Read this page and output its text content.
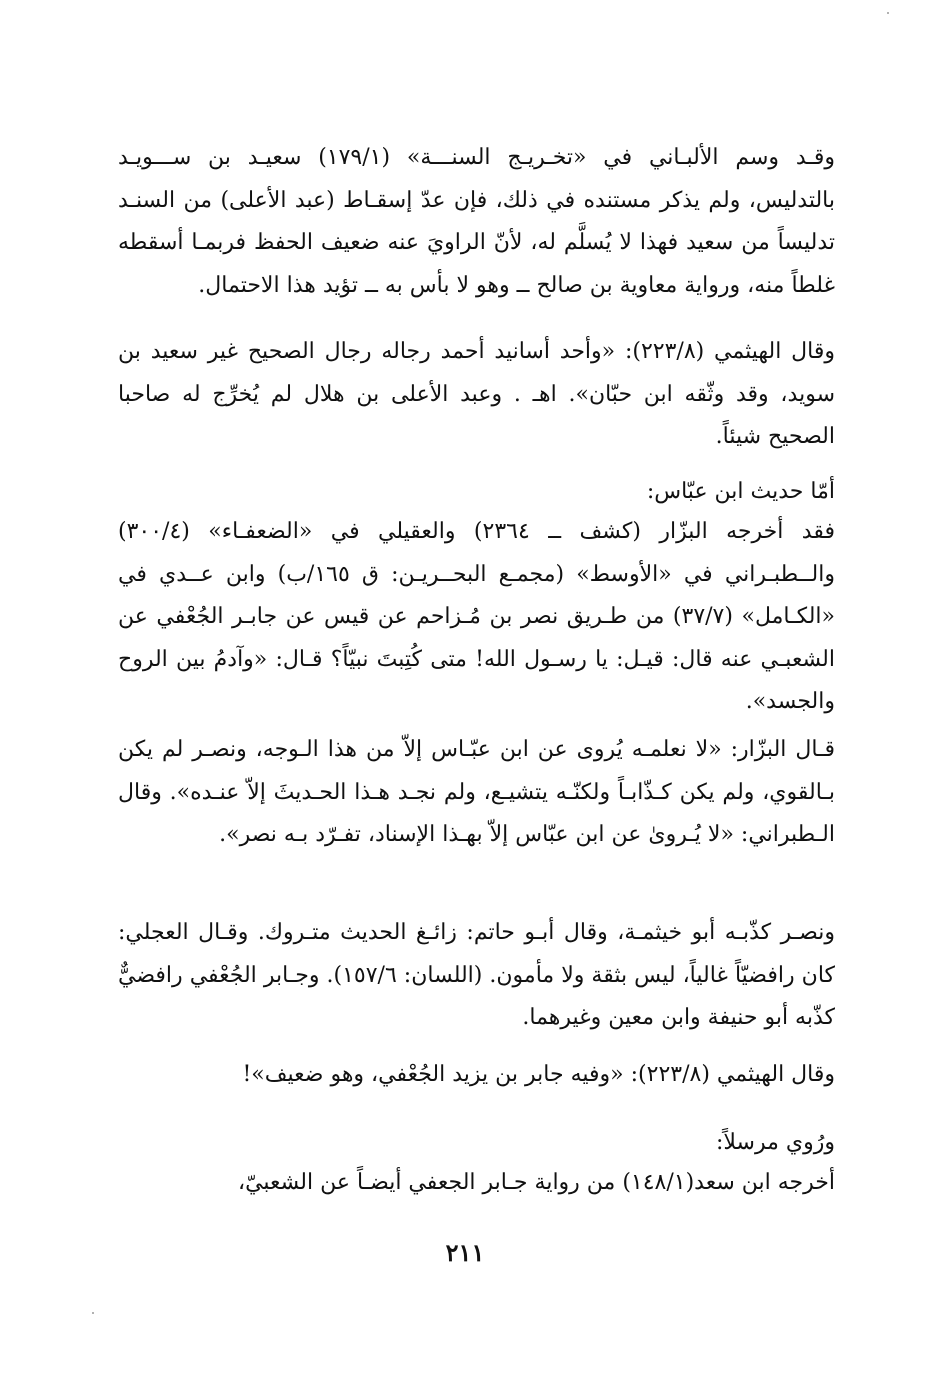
وقـد وسم الألبـاني في «تخـريـج السنـــة» (١٧٩/١) سعيـد بن ســـويـد بالتدليس، ولم يذكر مستنده في ذلك، فإن عدّ إسقـاط (عبد الأعلى) من السنـد تدليساً من سعيد فهذا لا يُسلَّم له، لأنّ الراويَ عنه ضعيف الحفظ فربمـا أسقطه غلطاً منه، ورواية معاوية بن صالح ــ وهو لا بأس به ــ تؤيد هذا الاحتمال.

وقال الهيثمي (٢٢٣/٨): «وأحد أسانيد أحمد رجاله رجال الصحيح غير سعيد بن سويد، وقد وثّقه ابن حبّان». اهـ . وعبد الأعلى بن هلال لم يُخرِّج له صاحبا الصحيح شيئاً.

أمّا حديث ابن عبّاس:

فقد أخرجه البزّار (كشف ــ ٢٣٦٤) والعقيلي في «الضعفـاء» (٣٠٠/٤) والــطبـراني في «الأوسط» (مجمـع البحــريـن: ق ١٦٥/ب) وابن عــدي في «الكـامل» (٣٧/٧) من طـريق نصر بن مُـزاحم عن قيس عن جابـر الجُعْفي عن الشعبـي عنه قال: قيـل: يا رسـول الله! متى كُتِبتَ نبيّاً؟ قـال: «وآدمُ بين الروح والجسد».

قـال البزّار: «لا نعلمـه يُروى عن ابن عبّـاس إلاّ من هذا الـوجه، ونصـر لم يكن بـالقوي، ولم يكن كـذّابـاً ولكنّـه يتشيـع، ولم نجـد هـذا الحـديثَ إلاّ عنـده». وقال الـطبراني: «لا يُـروىٰ عن ابن عبّاس إلاّ بهـذا الإسناد، تفـرّد بـه نصر».

ونصـر كذّبـه أبو خيثمـة، وقال أبـو حاتم: زائـغ الحديث متـروك. وقـال العجلي: كان رافضيّاً غالياً، ليس بثقة ولا مأمون. (اللسان: ١٥٧/٦). وجـابر الجُعْفي رافضيٌّ كذّبه أبو حنيفة وابن معين وغيرهما.

وقال الهيثمي (٢٢٣/٨): «وفيه جابر بن يزيد الجُعْفي، وهو ضعيف»!

ورُوي مرسلاً:

أخرجه ابن سعد(١٤٨/١) من رواية جـابر الجعفي أيضـاً عن الشعبيّ،

٢١١
